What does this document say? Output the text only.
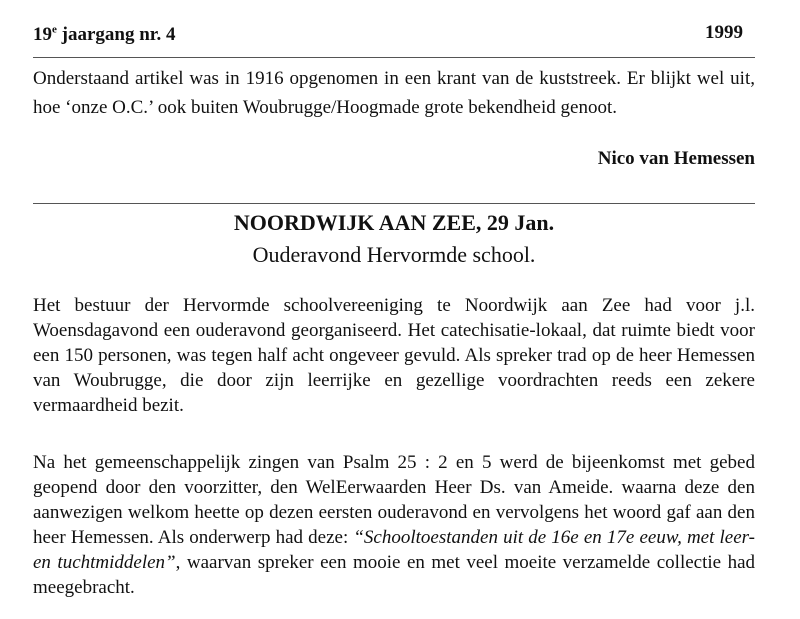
19e jaargang nr. 4	1999
Onderstaand artikel was in 1916 opgenomen in een krant van de kuststreek. Er blijkt wel uit, hoe ‘onze O.C.’ ook buiten Woubrugge/Hoogmade grote bekendheid genoot.
Nico van Hemessen
NOORDWIJK AAN ZEE, 29 Jan.
Ouderavond Hervormde school.
Het bestuur der Hervormde schoolvereeniging te Noordwijk aan Zee had voor j.l. Woensdagavond een ouderavond georganiseerd. Het catechisatie-lokaal, dat ruimte biedt voor een 150 personen, was tegen half acht ongeveer gevuld. Als spreker trad op de heer Hemessen van Woubrugge, die door zijn leerrijke en gezellige voordrachten reeds een zekere vermaardheid bezit.
Na het gemeenschappelijk zingen van Psalm 25 : 2 en 5 werd de bijeenkomst met gebed geopend door den voorzitter, den WelEerwaarden Heer Ds. van Ameide. waarna deze den aanwezigen welkom heette op dezen eersten ouderavond en vervolgens het woord gaf aan den heer Hemessen. Als onderwerp had deze: “Schooltoestanden uit de 16e en 17e eeuw, met leer- en tuchtmiddelen”, waarvan spreker een mooie en met veel moeite verzamelde collectie had meegebracht.
